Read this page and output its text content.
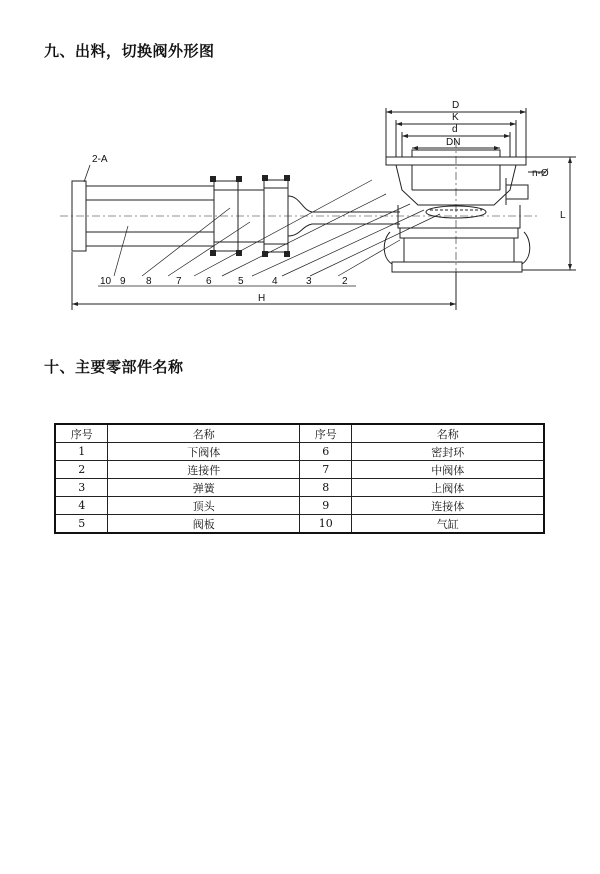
九、出料，切换阀外形图
D
K
d
DN
n-Ø
L
H
2-A
10 9 8 7 6	5	4	3	2
十、主要零部件名称
序号	名称	序号	名称
1	下阀体	6	密封环
2	连接件	7	中阀体
3	弹簧	8	上阀体
4	顶头	9	连接体
5	阀板	10	气缸
